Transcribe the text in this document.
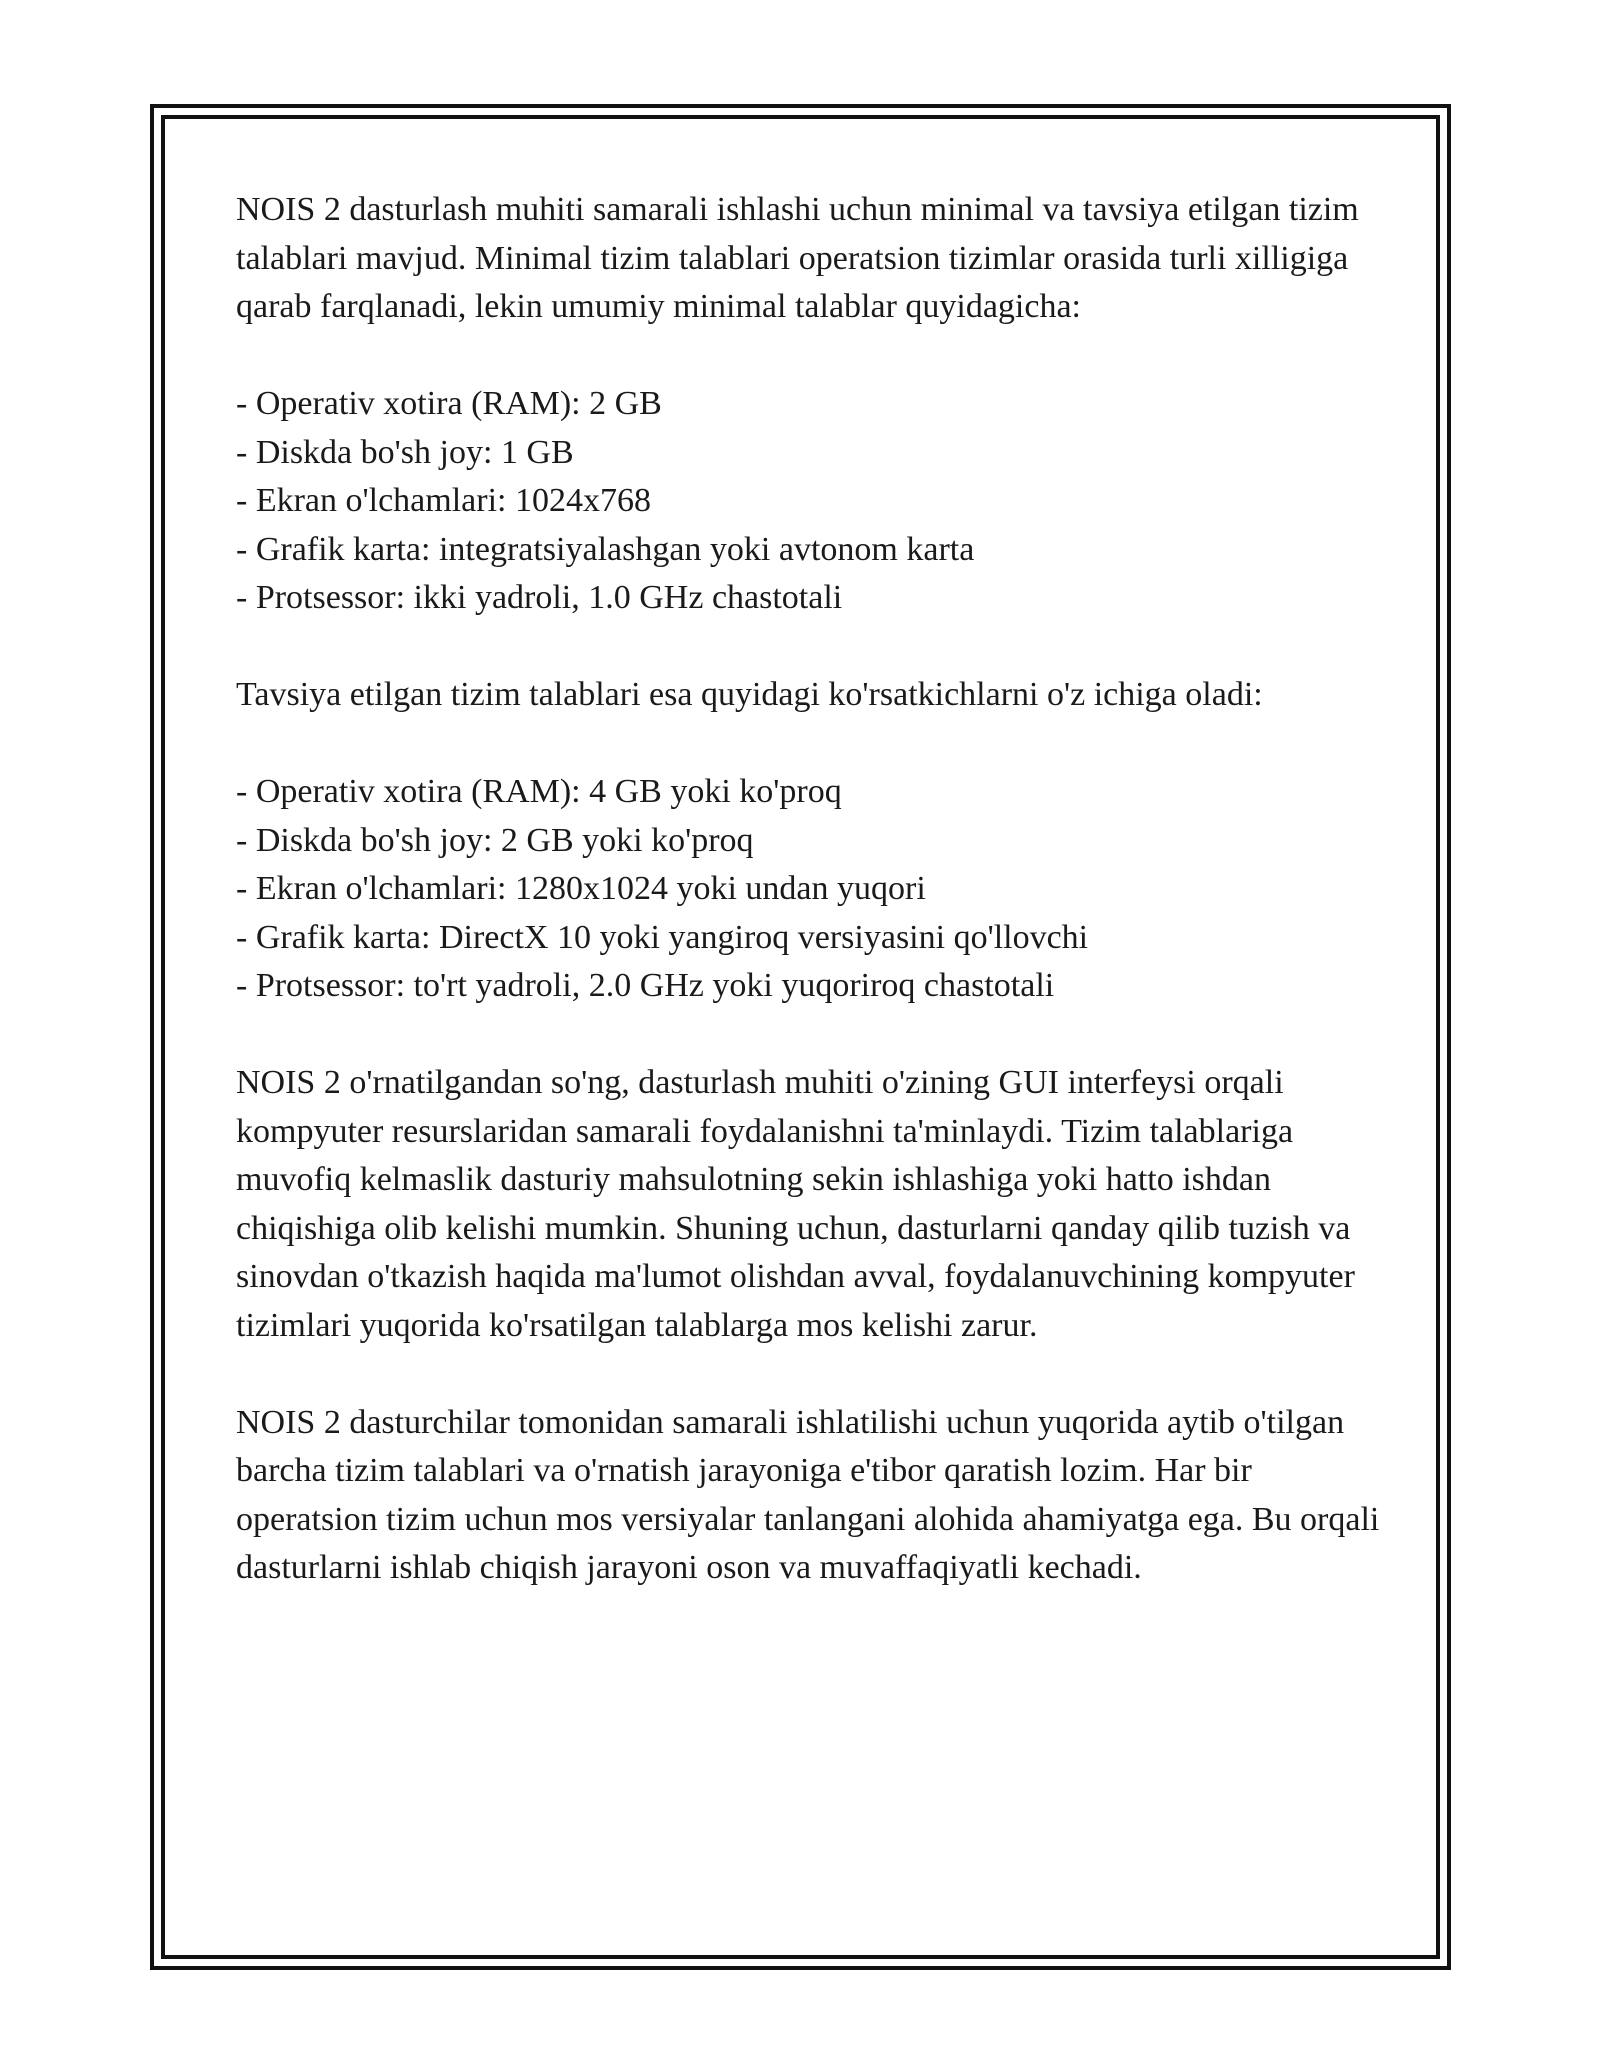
NOIS 2 dasturlash muhiti samarali ishlashi uchun minimal va tavsiya etilgan tizim talablari mavjud. Minimal tizim talablari operatsion tizimlar orasida turli xilligiga qarab farqlanadi, lekin umumiy minimal talablar quyidagicha:

- Operativ xotira (RAM): 2 GB
- Diskda bo'sh joy: 1 GB
- Ekran o'lchamlari: 1024x768
- Grafik karta: integratsiyalashgan yoki avtonom karta
- Protsessor: ikki yadroli, 1.0 GHz chastotali

Tavsiya etilgan tizim talablari esa quyidagi ko'rsatkichlarni o'z ichiga oladi:

- Operativ xotira (RAM): 4 GB yoki ko'proq
- Diskda bo'sh joy: 2 GB yoki ko'proq
- Ekran o'lchamlari: 1280x1024 yoki undan yuqori
- Grafik karta: DirectX 10 yoki yangiroq versiyasini qo'llovchi
- Protsessor: to'rt yadroli, 2.0 GHz yoki yuqoriroq chastotali

NOIS 2 o'rnatilgandan so'ng, dasturlash muhiti o'zining GUI interfeysi orqali kompyuter resurslaridan samarali foydalanishni ta'minlaydi. Tizim talablariga muvofiq kelmaslik dasturiy mahsulotning sekin ishlashiga yoki hatto ishdan chiqishiga olib kelishi mumkin. Shuning uchun, dasturlarni qanday qilib tuzish va sinovdan o'tkazish haqida ma'lumot olishdan avval, foydalanuvchining kompyuter tizimlari yuqorida ko'rsatilgan talablarga mos kelishi zarur.

NOIS 2 dasturchilar tomonidan samarali ishlatilishi uchun yuqorida aytib o'tilgan barcha tizim talablari va o'rnatish jarayoniga e'tibor qaratish lozim. Har bir operatsion tizim uchun mos versiyalar tanlangani alohida ahamiyatga ega. Bu orqali dasturlarni ishlab chiqish jarayoni oson va muvaffaqiyatli kechadi.
